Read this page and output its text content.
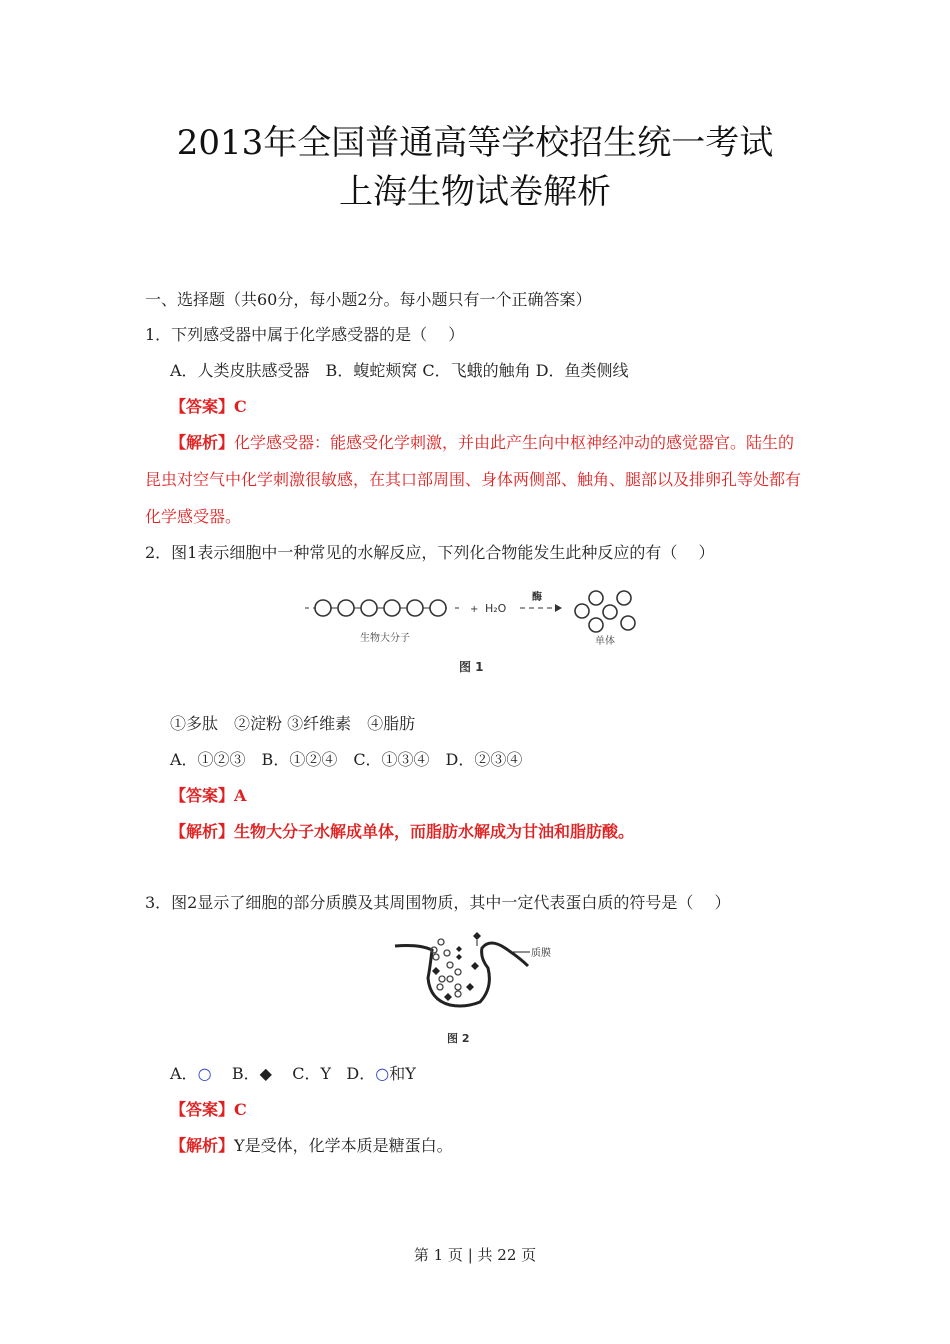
2013年全国普通高等学校招生统一考试
上海生物试卷解析
一、选择题（共60分，每小题2分。每小题只有一个正确答案）
1．下列感受器中属于化学感受器的是（　 ）
A．人类皮肤感受器　B．蝮蛇颊窝 C．飞蛾的触角 D．鱼类侧线
【答案】C
【解析】化学感受器：能感受化学刺激，并由此产生向中枢神经冲动的感觉器官。陆生的昆虫对空气中化学刺激很敏感，在其口部周围、身体两侧部、触角、腿部以及排卵孔等处都有化学感受器。
2．图1表示细胞中一种常见的水解反应，下列化合物能发生此种反应的有（　 ）
+ H₂O
酶
生物大分子	单体
图 1
①多肽　②淀粉 ③纤维素　④脂肪
A．①②③　B．①②④　C．①③④　D．②③④
【答案】A
【解析】生物大分子水解成单体，而脂肪水解成为甘油和脂肪酸。
3．图2显示了细胞的部分质膜及其周围物质，其中一定代表蛋白质的符号是（　 ）
质膜
图 2
A．○ B．◆ C．Y D．○和Y
【答案】C
【解析】Y是受体，化学本质是糖蛋白。
第 1 页 | 共 22 页
